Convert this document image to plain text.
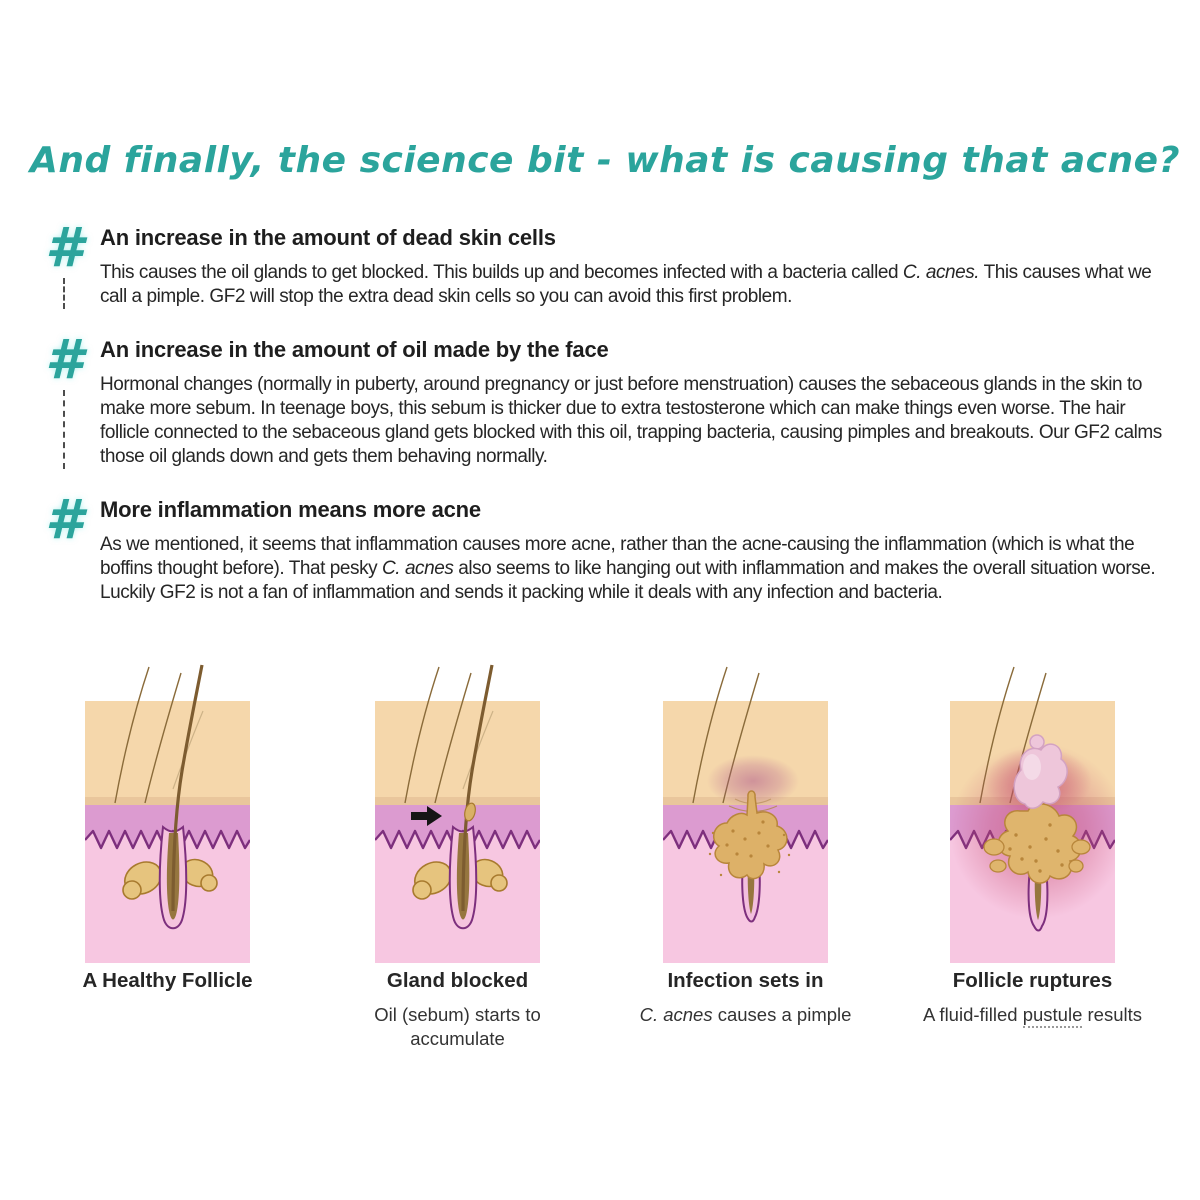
And finally, the science bit - what is causing that acne?
# An increase in the amount of dead skin cells
This causes the oil glands to get blocked. This builds up and becomes infected with a bacteria called C. acnes. This causes what we call a pimple. GF2 will stop the extra dead skin cells so you can avoid this first problem.
# An increase in the amount of oil made by the face
Hormonal changes (normally in puberty, around pregnancy or just before menstruation) causes the sebaceous glands in the skin to make more sebum. In teenage boys, this sebum is thicker due to extra testosterone which can make things even worse. The hair follicle connected to the sebaceous gland gets blocked with this oil, trapping bacteria, causing pimples and breakouts. Our GF2 calms those oil glands down and gets them behaving normally.
# More inflammation means more acne
As we mentioned, it seems that inflammation causes more acne, rather than the acne-causing the inflammation (which is what the boffins thought before). That pesky C. acnes also seems to like hanging out with inflammation and makes the overall situation worse. Luckily GF2 is not a fan of inflammation and sends it packing while it deals with any infection and bacteria.
A Healthy Follicle	Gland blocked
Oil (sebum) starts to accumulate
Infection sets in
C. acnes causes a pimple
Follicle ruptures
A fluid-filled pustule results
